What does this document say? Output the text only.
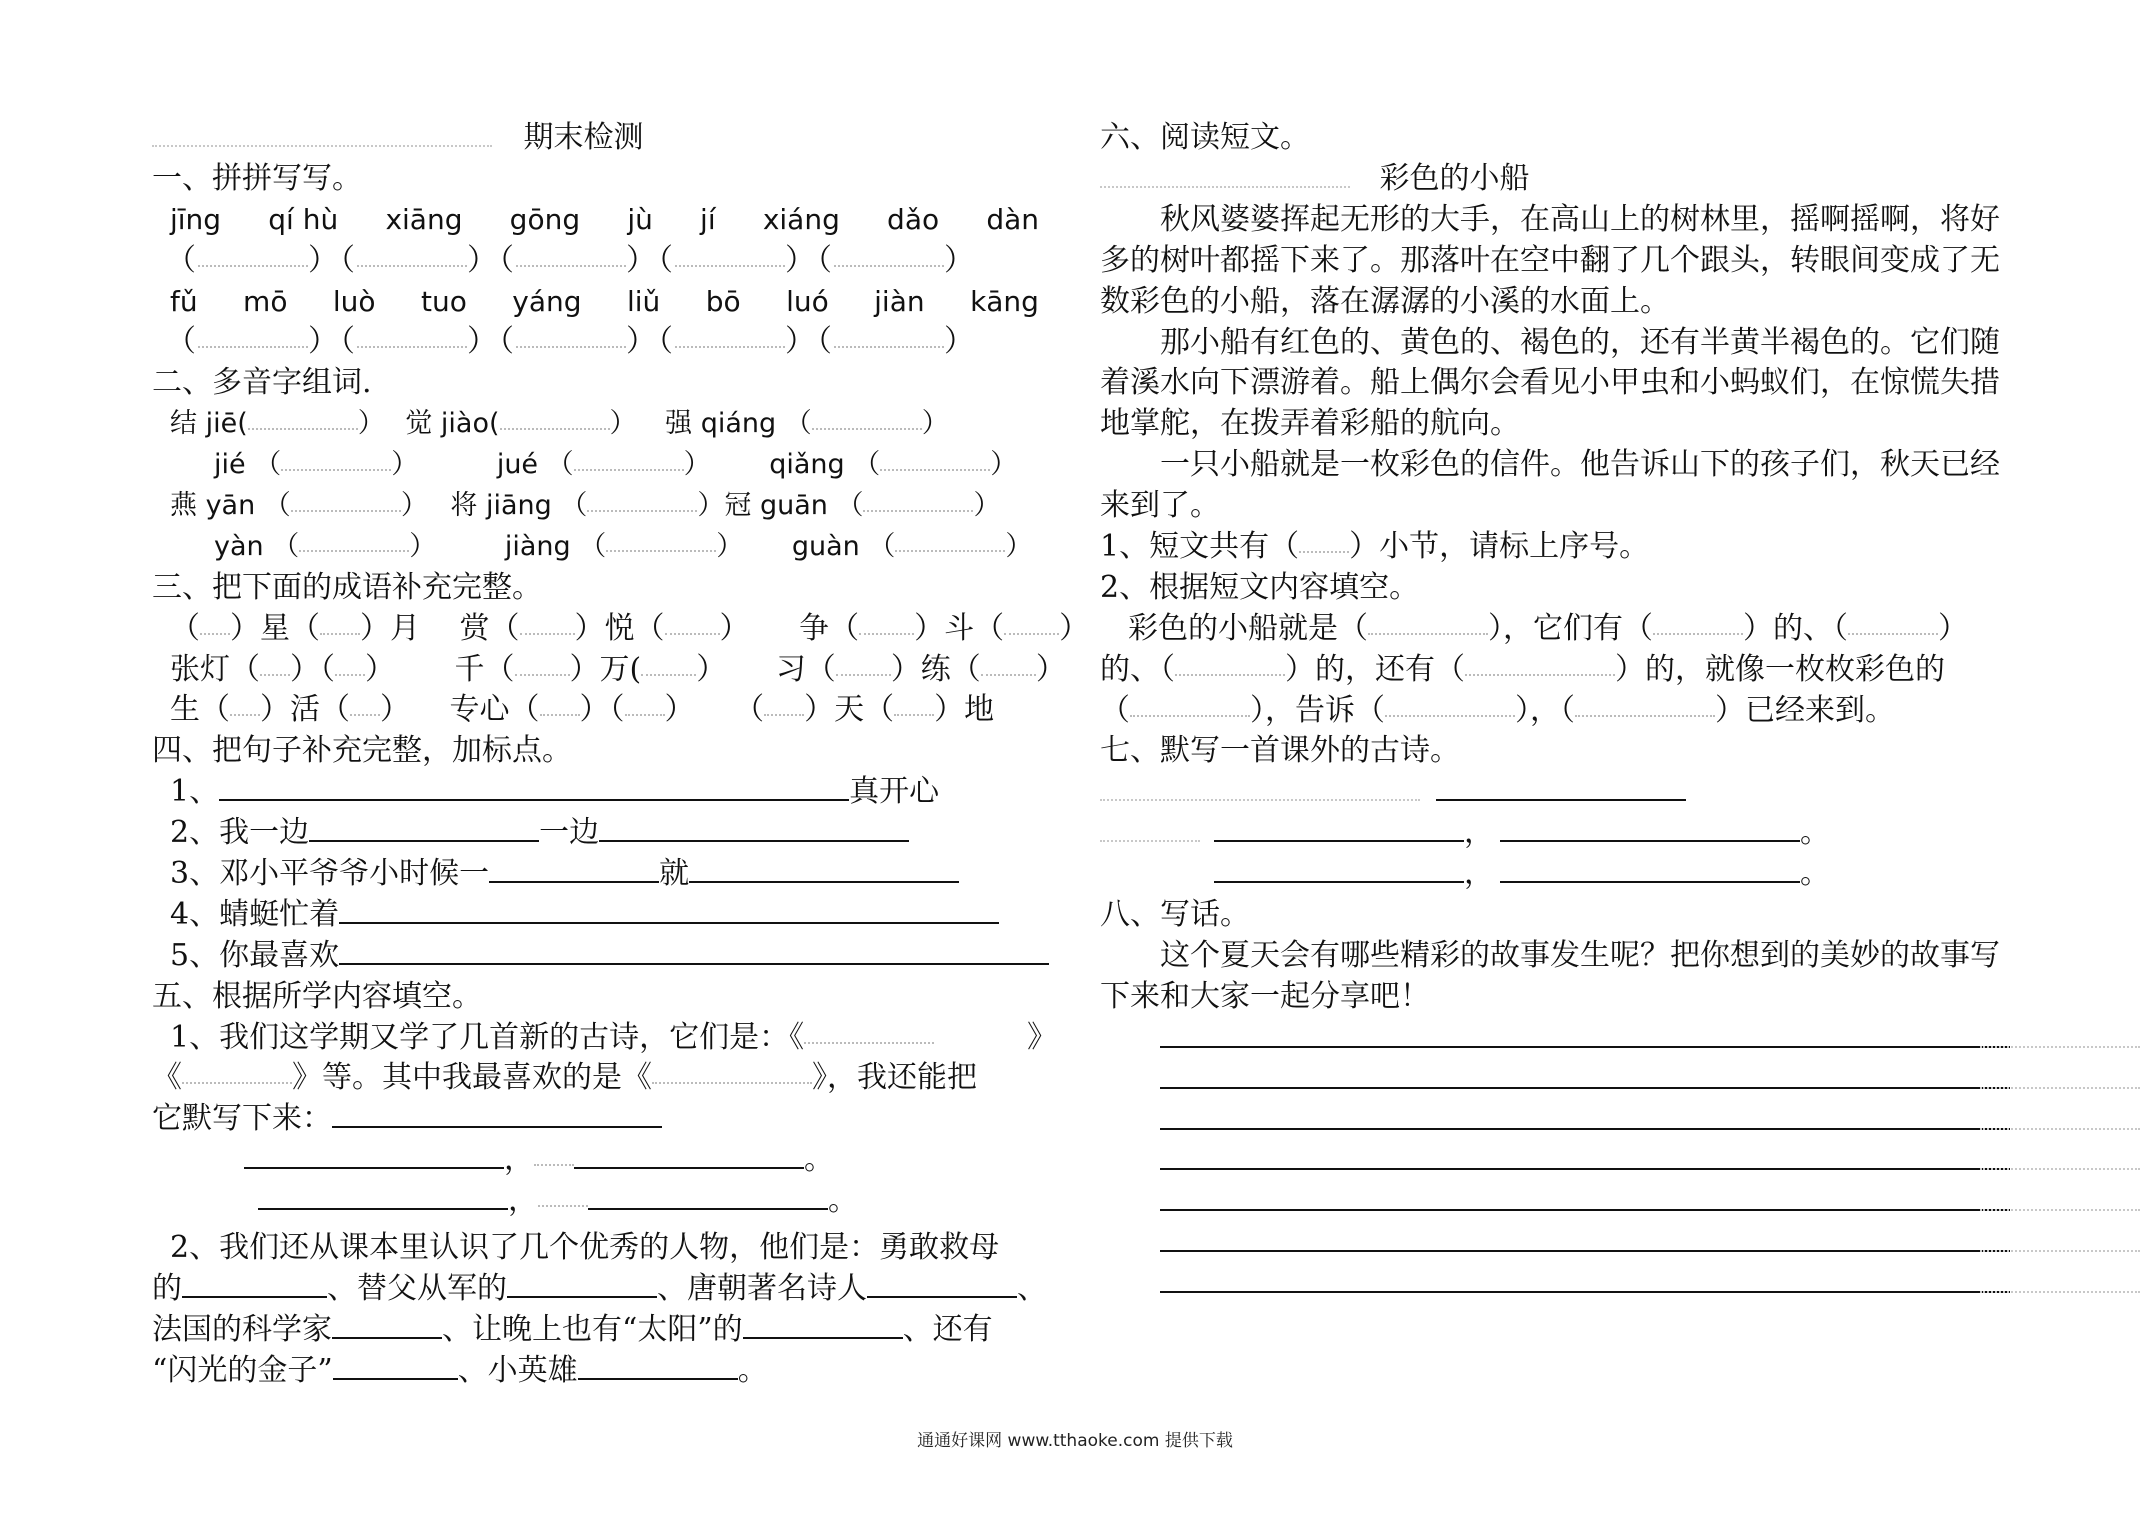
期末检测
一、拼拼写写。
jīng qí hù xiāng gōng jù jí xiáng dǎo dàn
（	）（	）（	）（	）（	）
fǔ mō luò tuo yáng liǔ bō luó jiàn kāng
（	）（	）（	）（	）（	）
二、多音字组词.
结 jiē(	） 觉 jiào(	） 强 qiáng （	）
jié （	）	jué （	） qiǎng （	）
燕 yān （	） 将 jiāng （	）冠 guān （	）
yàn （	） jiàng （	） guàn （	）
三、把下面的成语补充完整。
（ ）星（ ）月 赏（ ）悦（ ） 争（ ）斗（ ）
张灯（ ）（ ） 千（ ）万( ） 习（ ）练（ ）
生（ ）活（ ） 专心（ ）（ ） （ ）天（ ）地
四、把句子补充完整，加标点。
1、	真开心
2、我一边	一边
3、邓小平爷爷小时候一	就
4、蜻蜓忙着
5、你最喜欢
五、根据所学内容填空。
1、我们这学期又学了几首新的古诗，它们是：《	》
《	》等。其中我最喜欢的是《	》，我还能把
它默写下来：
，	。
，	。
2、我们还从课本里认识了几个优秀的人物，他们是：勇敢救母
的	、替父从军的	、唐朝著名诗人	、
法国的科学家	、让晚上也有“太阳”的	、还有
“闪光的金子”	、小英雄	。
六、阅读短文。
彩色的小船
秋风婆婆挥起无形的大手，在高山上的树林里，摇啊摇啊，将好多的树叶都摇下来了。那落叶在空中翻了几个跟头，转眼间变成了无数彩色的小船，落在潺潺的小溪的水面上。
那小船有红色的、黄色的、褐色的，还有半黄半褐色的。它们随着溪水向下漂游着。船上偶尔会看见小甲虫和小蚂蚁们，在惊慌失措地掌舵，在拨弄着彩船的航向。
一只小船就是一枚彩色的信件。他告诉山下的孩子们，秋天已经来到了。
1、短文共有（ ）小节，请标上序号。
2、根据短文内容填空。
彩色的小船就是（	），它们有（	）的、（	）
的、（	）的，还有（	）的，就像一枚枚彩色的
（	），告诉（	），（	）已经来到。
七、默写一首课外的古诗。
，	。
，	。
八、写话。
这个夏天会有哪些精彩的故事发生呢？把你想到的美妙的故事写下来和大家一起分享吧！
通通好课网 www.tthaoke.com 提供下载
